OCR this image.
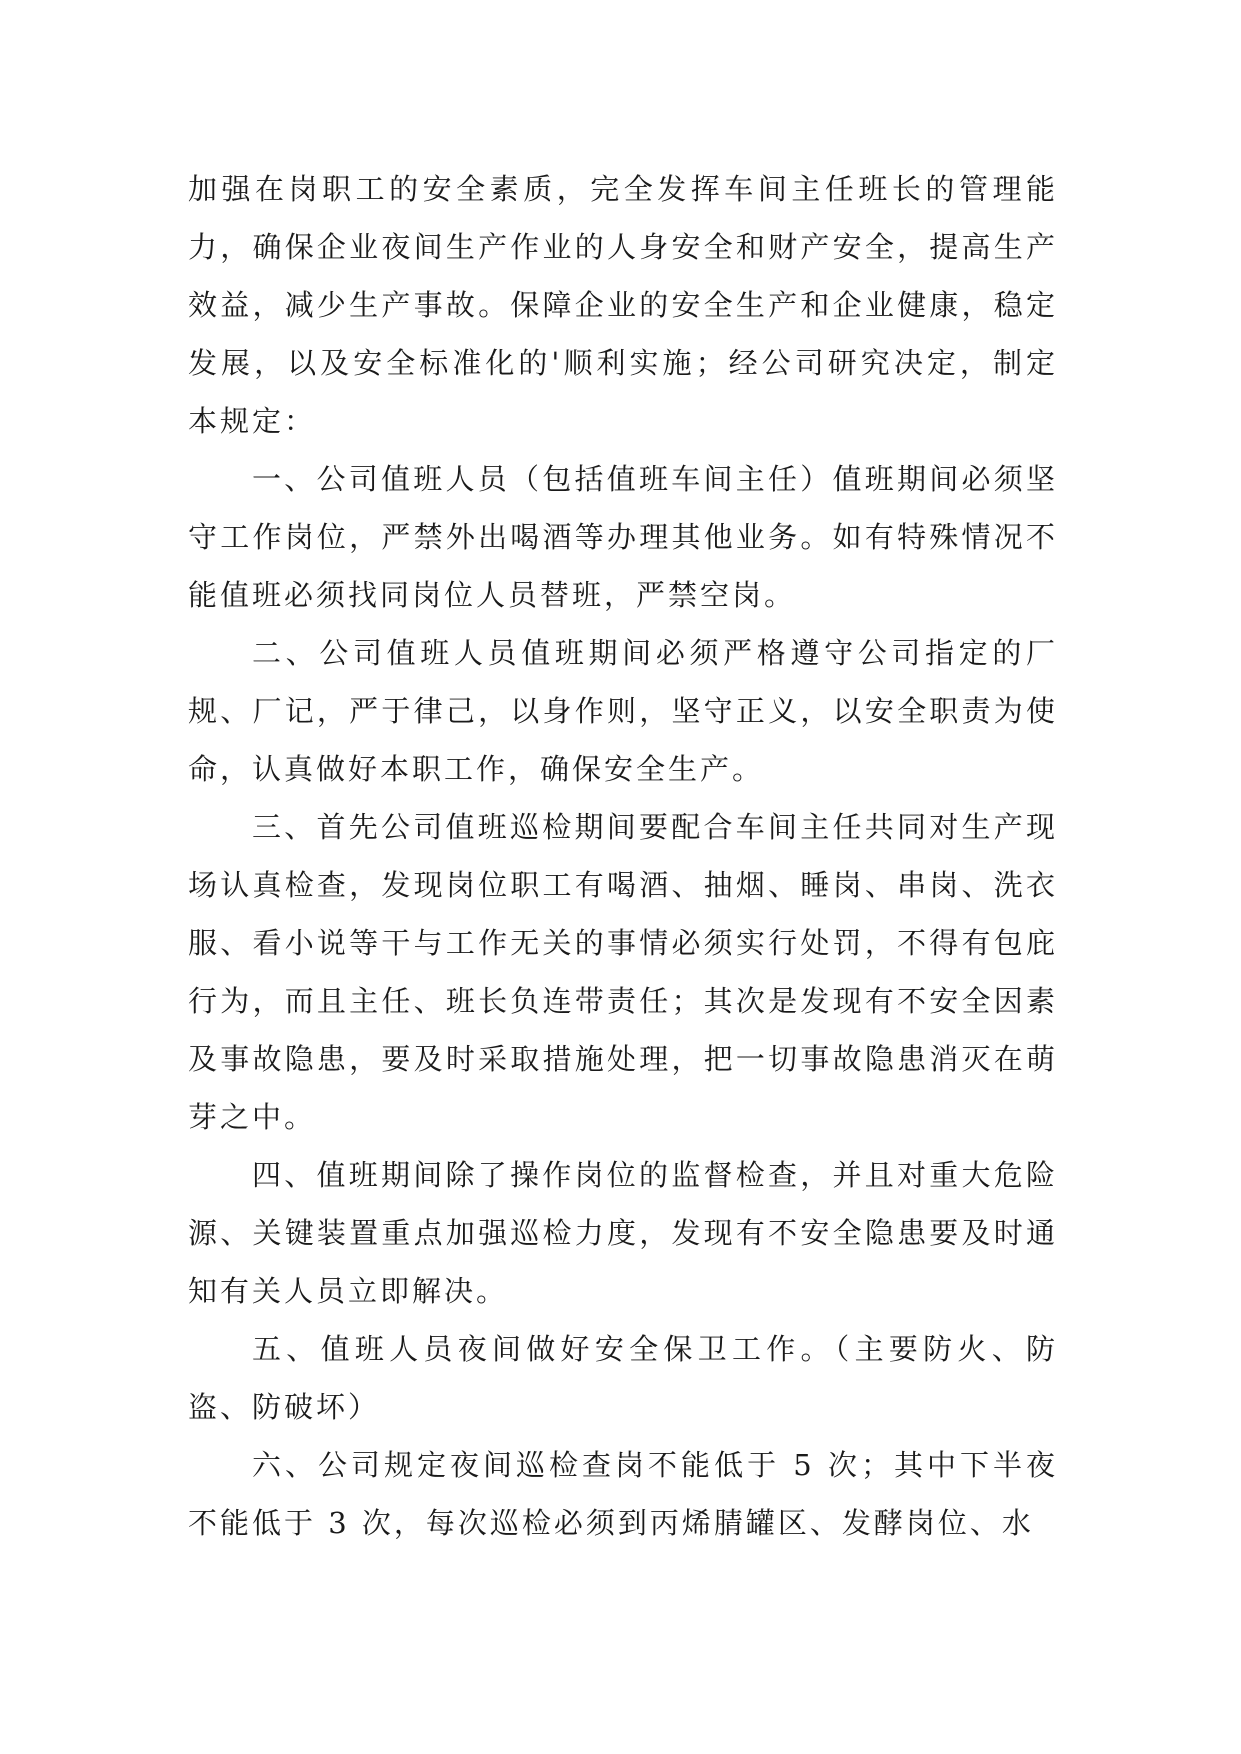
加强在岗职工的安全素质，完全发挥车间主任班长的管理能力，确保企业夜间生产作业的人身安全和财产安全，提高生产效益，减少生产事故。保障企业的安全生产和企业健康，稳定发展，以及安全标准化的'顺利实施；经公司研究决定，制定本规定：

一、公司值班人员（包括值班车间主任）值班期间必须坚守工作岗位，严禁外出喝酒等办理其他业务。如有特殊情况不能值班必须找同岗位人员替班，严禁空岗。

二、公司值班人员值班期间必须严格遵守公司指定的厂规、厂记，严于律己，以身作则，坚守正义，以安全职责为使命，认真做好本职工作，确保安全生产。

三、首先公司值班巡检期间要配合车间主任共同对生产现场认真检查，发现岗位职工有喝酒、抽烟、睡岗、串岗、洗衣服、看小说等干与工作无关的事情必须实行处罚，不得有包庇行为，而且主任、班长负连带责任；其次是发现有不安全因素及事故隐患，要及时采取措施处理，把一切事故隐患消灭在萌芽之中。

四、值班期间除了操作岗位的监督检查，并且对重大危险源、关键装置重点加强巡检力度，发现有不安全隐患要及时通知有关人员立即解决。

五、值班人员夜间做好安全保卫工作。（主要防火、防盗、防破坏）

六、公司规定夜间巡检查岗不能低于 5 次；其中下半夜不能低于 3 次，每次巡检必须到丙烯腈罐区、发酵岗位、水
